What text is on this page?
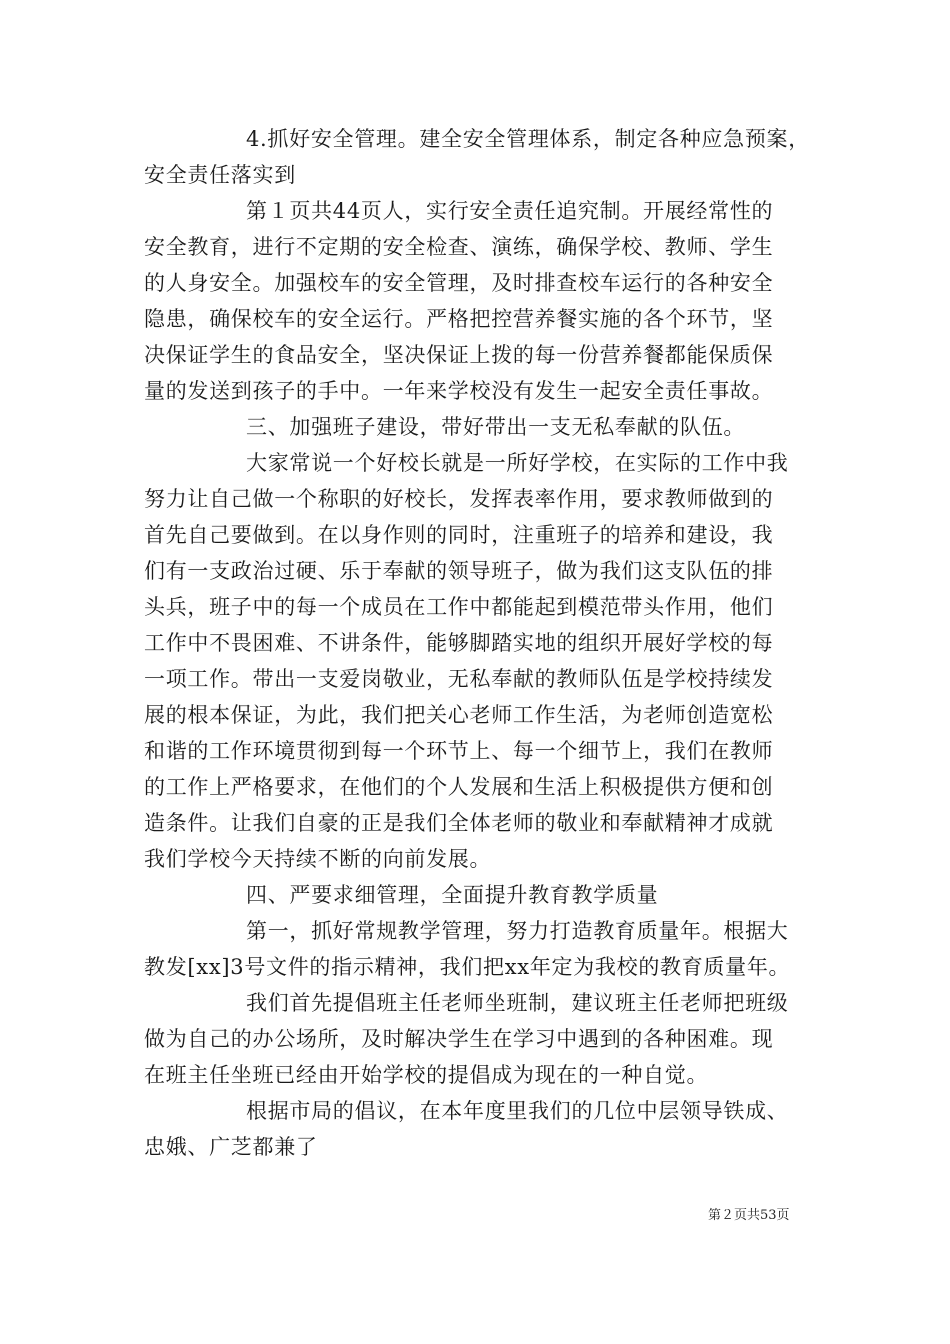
4.抓好安全管理。建全安全管理体系，制定各种应急预案，
安全责任落实到
第１页共44页人，实行安全责任追究制。开展经常性的
安全教育，进行不定期的安全检查、演练，确保学校、教师、学生
的人身安全。加强校车的安全管理，及时排查校车运行的各种安全
隐患，确保校车的安全运行。严格把控营养餐实施的各个环节，坚
决保证学生的食品安全，坚决保证上拨的每一份营养餐都能保质保
量的发送到孩子的手中。一年来学校没有发生一起安全责任事故。
三、加强班子建设，带好带出一支无私奉献的队伍。
大家常说一个好校长就是一所好学校，在实际的工作中我
努力让自己做一个称职的好校长，发挥表率作用，要求教师做到的
首先自己要做到。在以身作则的同时，注重班子的培养和建设，我
们有一支政治过硬、乐于奉献的领导班子，做为我们这支队伍的排
头兵，班子中的每一个成员在工作中都能起到模范带头作用，他们
工作中不畏困难、不讲条件，能够脚踏实地的组织开展好学校的每
一项工作。带出一支爱岗敬业，无私奉献的教师队伍是学校持续发
展的根本保证，为此，我们把关心老师工作生活，为老师创造宽松
和谐的工作环境贯彻到每一个环节上、每一个细节上，我们在教师
的工作上严格要求，在他们的个人发展和生活上积极提供方便和创
造条件。让我们自豪的正是我们全体老师的敬业和奉献精神才成就
我们学校今天持续不断的向前发展。
四、严要求细管理，全面提升教育教学质量
第一，抓好常规教学管理，努力打造教育质量年。根据大
教发[xx]3号文件的指示精神，我们把xx年定为我校的教育质量年。
我们首先提倡班主任老师坐班制，建议班主任老师把班级
做为自己的办公场所，及时解决学生在学习中遇到的各种困难。现
在班主任坐班已经由开始学校的提倡成为现在的一种自觉。
根据市局的倡议，在本年度里我们的几位中层领导铁成、
忠娥、广芝都兼了
第２页共53页
